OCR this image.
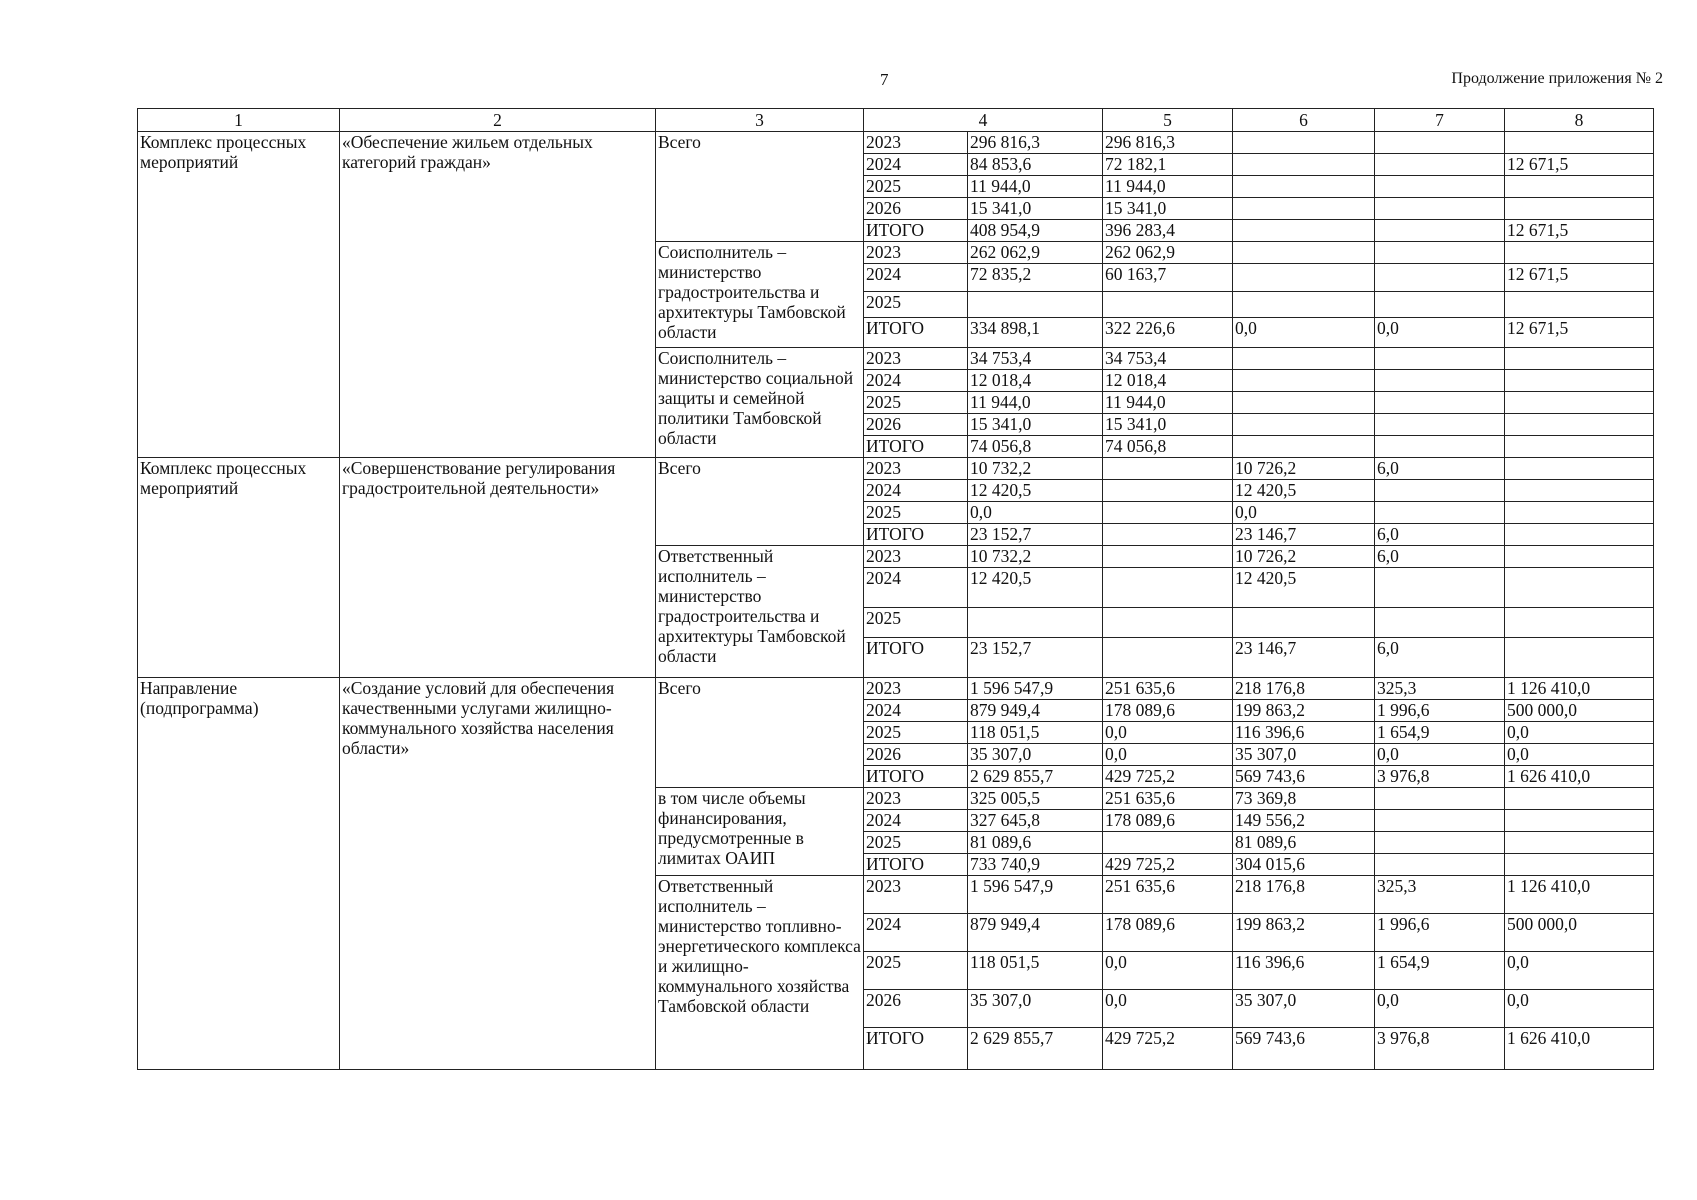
7	Продолжение приложения № 2
1	2	3	4		5	6	7	8
Комплекс процессных мероприятий	«Обеспечение жильем отдельных категорий граждан»	Всего	2023	296 816,3	296 816,3			
			2024	84 853,6	72 182,1			12 671,5
			2025	11 944,0	11 944,0			
			2026	15 341,0	15 341,0			
			ИТОГО	408 954,9	396 283,4			12 671,5
		Соисполнитель – министерство градостроительства и архитектуры Тамбовской области	2023	262 062,9	262 062,9			
			2024	72 835,2	60 163,7			12 671,5
			2025					
			ИТОГО	334 898,1	322 226,6	0,0	0,0	12 671,5
		Соисполнитель – министерство социальной защиты и семейной политики Тамбовской области	2023	34 753,4	34 753,4			
			2024	12 018,4	12 018,4			
			2025	11 944,0	11 944,0			
			2026	15 341,0	15 341,0			
			ИТОГО	74 056,8	74 056,8			
Комплекс процессных мероприятий	«Совершенствование регулирования градостроительной деятельности»	Всего	2023	10 732,2		10 726,2	6,0	
			2024	12 420,5		12 420,5		
			2025	0,0		0,0		
			ИТОГО	23 152,7		23 146,7	6,0	
		Ответственный исполнитель – министерство градостроительства и архитектуры Тамбовской области	2023	10 732,2		10 726,2	6,0	
			2024	12 420,5		12 420,5		
			2025					
			ИТОГО	23 152,7		23 146,7	6,0	
Направление (подпрограмма)	«Создание условий для обеспечения качественными услугами жилищно-коммунального хозяйства населения области»	Всего	2023	1 596 547,9	251 635,6	218 176,8	325,3	1 126 410,0
			2024	879 949,4	178 089,6	199 863,2	1 996,6	500 000,0
			2025	118 051,5	0,0	116 396,6	1 654,9	0,0
			2026	35 307,0	0,0	35 307,0	0,0	0,0
			ИТОГО	2 629 855,7	429 725,2	569 743,6	3 976,8	1 626 410,0
		в том числе объемы финансирования, предусмотренные в лимитах ОАИП	2023	325 005,5	251 635,6	73 369,8		
			2024	327 645,8	178 089,6	149 556,2		
			2025	81 089,6		81 089,6		
			ИТОГО	733 740,9	429 725,2	304 015,6		
		Ответственный исполнитель – министерство топливно-энергетического комплекса и жилищно-коммунального хозяйства Тамбовской области	2023	1 596 547,9	251 635,6	218 176,8	325,3	1 126 410,0
			2024	879 949,4	178 089,6	199 863,2	1 996,6	500 000,0
			2025	118 051,5	0,0	116 396,6	1 654,9	0,0
			2026	35 307,0	0,0	35 307,0	0,0	0,0
			ИТОГО	2 629 855,7	429 725,2	569 743,6	3 976,8	1 626 410,0
